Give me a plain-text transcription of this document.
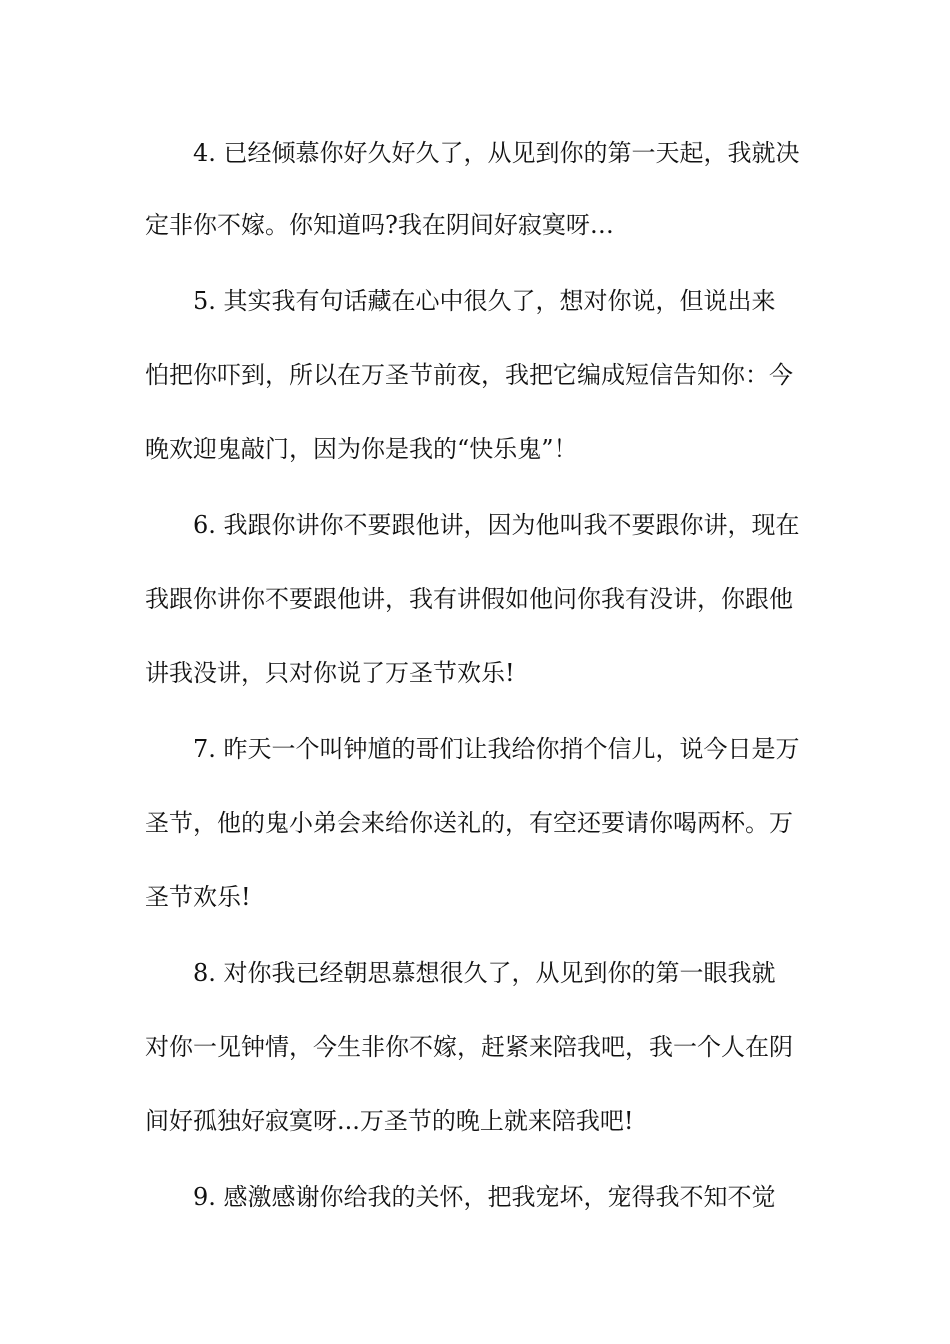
4. 已经倾慕你好久好久了，从见到你的第一天起，我就决
定非你不嫁。你知道吗?我在阴间好寂寞呀…
5. 其实我有句话藏在心中很久了，想对你说，但说出来
怕把你吓到，所以在万圣节前夜，我把它编成短信告知你：今
晚欢迎鬼敲门，因为你是我的“快乐鬼”！
6. 我跟你讲你不要跟他讲，因为他叫我不要跟你讲，现在
我跟你讲你不要跟他讲，我有讲假如他问你我有没讲，你跟他
讲我没讲，只对你说了万圣节欢乐!
7. 昨天一个叫钟馗的哥们让我给你捎个信儿，说今日是万
圣节，他的鬼小弟会来给你送礼的，有空还要请你喝两杯。万
圣节欢乐!
8. 对你我已经朝思慕想很久了，从见到你的第一眼我就
对你一见钟情，今生非你不嫁，赶紧来陪我吧，我一个人在阴
间好孤独好寂寞呀...万圣节的晚上就来陪我吧!
9. 感激感谢你给我的关怀，把我宠坏，宠得我不知不觉
